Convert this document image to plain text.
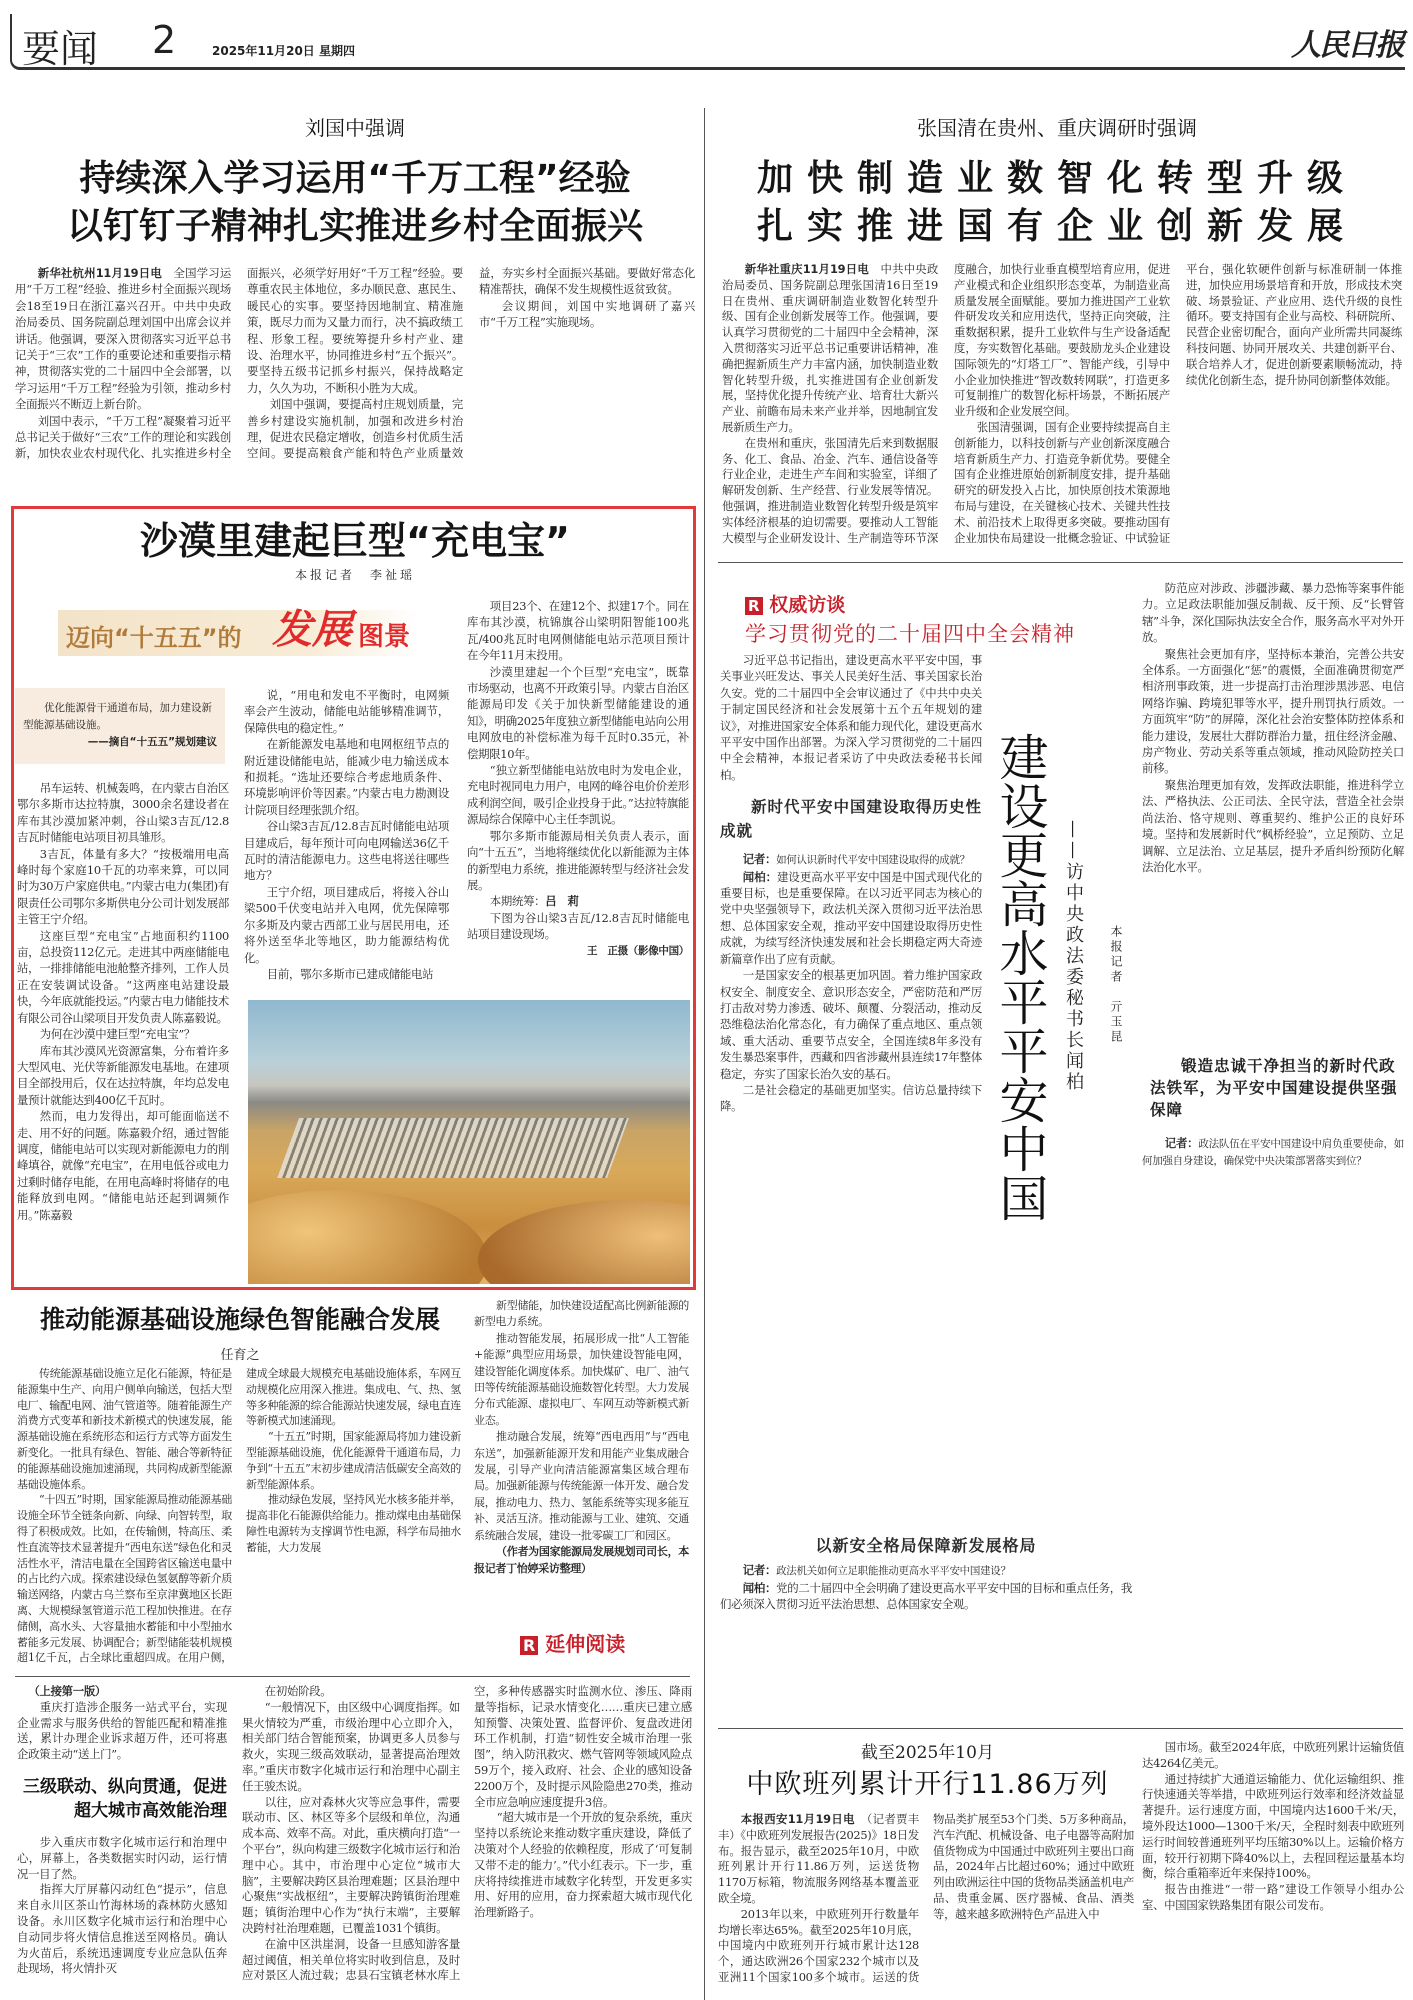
要闻 2	2025年11月20日 星期四	人民日报
刘国中强调
持续深入学习运用“千万工程”经验
以钉钉子精神扎实推进乡村全面振兴

新华社杭州11月19日电　全国学习运用“千万工程”经验、推进乡村全面振兴现场会18至19日在浙江嘉兴召开。中共中央政治局委员、国务院副总理刘国中出席会议并讲话。他强调，要深入贯彻落实习近平总书记关于“三农”工作的重要论述和重要指示精神，贯彻落实党的二十届四中全会部署，以学习运用“千万工程”经验为引领，推动乡村全面振兴不断迈上新台阶。

刘国中表示，“千万工程”凝聚着习近平总书记关于做好“三农”工作的理论和实践创新，加快农业农村现代化、扎实推进乡村全面振兴，必须学好用好“千万工程”经验。要尊重农民主体地位，多办顺民意、惠民生、暖民心的实事。要坚持因地制宜、精准施策，既尽力而为又量力而行，决不搞政绩工程、形象工程。要统筹提升乡村产业、建设、治理水平，协同推进乡村“五个振兴”。要坚持五级书记抓乡村振兴，保持战略定力，久久为功，不断积小胜为大成。

刘国中强调，要提高村庄规划质量，完善乡村建设实施机制，加强和改进乡村治理，促进农民稳定增收，创造乡村优质生活空间。要提高粮食产能和特色产业质量效益，夯实乡村全面振兴基础。要做好常态化精准帮扶，确保不发生规模性返贫致贫。

会议期间，刘国中实地调研了嘉兴市“千万工程”实施现场。

张国清在贵州、重庆调研时强调
加快制造业数智化转型升级
扎实推进国有企业创新发展

新华社重庆11月19日电　中共中央政治局委员、国务院副总理张国清16日至19日在贵州、重庆调研制造业数智化转型升级、国有企业创新发展等工作。他强调，要认真学习贯彻党的二十届四中全会精神，深入贯彻落实习近平总书记重要讲话精神，准确把握新质生产力丰富内涵，加快制造业数智化转型升级，扎实推进国有企业创新发展，坚持优化提升传统产业、培育壮大新兴产业、前瞻布局未来产业并举，因地制宜发展新质生产力。

在贵州和重庆，张国清先后来到数据服务、化工、食品、冶金、汽车、通信设备等行业企业，走进生产车间和实验室，详细了解研发创新、生产经营、行业发展等情况。他强调，推进制造业数智化转型升级是筑牢实体经济根基的迫切需要。要推动人工智能大模型与企业研发设计、生产制造等环节深度融合，加快行业垂直模型培育应用，促进产业模式和企业组织形态变革，为制造业高质量发展全面赋能。要加力推进国产工业软件研发攻关和应用迭代，坚持正向突破，注重数据积累，提升工业软件与生产设备适配度，夯实数智化基础。要鼓励龙头企业建设国际领先的“灯塔工厂”、智能产线，引导中小企业加快推进“智改数转网联”，打造更多可复制推广的数智化标杆场景，不断拓展产业升级和企业发展空间。

张国清强调，国有企业要持续提高自主创新能力，以科技创新与产业创新深度融合培育新质生产力、打造竞争新优势。要健全国有企业推进原始创新制度安排，提升基础研究的研发投入占比，加快原创技术策源地布局与建设，在关键核心技术、关键共性技术、前沿技术上取得更多突破。要推动国有企业加快布局建设一批概念验证、中试验证平台，强化软硬件创新与标准研制一体推进，加快应用场景培育和开放，形成技术突破、场景验证、产业应用、迭代升级的良性循环。要支持国有企业与高校、科研院所、民营企业密切配合，面向产业所需共同凝练科技问题、协同开展攻关、共建创新平台、联合培养人才，促进创新要素顺畅流动，持续优化创新生态，提升协同创新整体效能。

沙漠里建起巨型“充电宝”
本报记者　李祉瑶
迈向“十五五”的 发展 图景
优化能源骨干通道布局，加力建设新型能源基础设施。
——摘自“十五五”规划建议

吊车运转、机械轰鸣，在内蒙古自治区鄂尔多斯市达拉特旗，3000余名建设者在库布其沙漠加紧冲刺，谷山梁3吉瓦/12.8吉瓦时储能电站项目初具雏形。

3吉瓦，体量有多大？“按极端用电高峰时每个家庭10千瓦的功率来算，可以同时为30万户家庭供电。”内蒙古电力(集团)有限责任公司鄂尔多斯供电分公司计划发展部主管王宁介绍。

这座巨型“充电宝”占地面积约1100亩，总投资112亿元。走进其中两座储能电站，一排排储能电池舱整齐排列，工作人员正在安装调试设备。“这两座电站建设最快，今年底就能投运。”内蒙古电力储能技术有限公司谷山梁项目开发负责人陈嘉毅说。

为何在沙漠中建巨型“充电宝”？

库布其沙漠风光资源富集，分布着许多大型风电、光伏等新能源发电基地。在建项目全部投用后，仅在达拉特旗，年均总发电量预计就能达到400亿千瓦时。

然而，电力发得出，却可能面临送不走、用不好的问题。陈嘉毅介绍，通过智能调度，储能电站可以实现对新能源电力的削峰填谷，就像“充电宝”，在用电低谷或电力过剩时储存电能，在用电高峰时将储存的电能释放到电网。“储能电站还起到调频作用。”陈嘉毅

说，“用电和发电不平衡时，电网频率会产生波动，储能电站能够精准调节，保障供电的稳定性。”

在新能源发电基地和电网枢纽节点的附近建设储能电站，能减少电力输送成本和损耗。“选址还要综合考虑地质条件、环境影响评价等因素。”内蒙古电力勘测设计院项目经理张凯介绍。

谷山梁3吉瓦/12.8吉瓦时储能电站项目建成后，每年预计可向电网输送36亿千瓦时的清洁能源电力。这些电将送往哪些地方？

王宁介绍，项目建成后，将接入谷山梁500千伏变电站并入电网，优先保障鄂尔多斯及内蒙古西部工业与居民用电，还将外送至华北等地区，助力能源结构优化。

目前，鄂尔多斯市已建成储能电站

项目23个、在建12个、拟建17个。同在库布其沙漠，杭锦旗谷山梁明阳智能100兆瓦/400兆瓦时电网侧储能电站示范项目预计在今年11月末投用。

沙漠里建起一个个巨型“充电宝”，既靠市场驱动，也离不开政策引导。内蒙古自治区能源局印发《关于加快新型储能建设的通知》，明确2025年度独立新型储能电站向公用电网放电的补偿标准为每千瓦时0.35元，补偿期限10年。

“独立新型储能电站放电时为发电企业，充电时视同电力用户，电网的峰谷电价价差形成利润空间，吸引企业投身于此。”达拉特旗能源局综合保障中心主任李凯说。

鄂尔多斯市能源局相关负责人表示，面向“十五五”，当地将继续优化以新能源为主体的新型电力系统，推进能源转型与经济社会发展。

本期统筹：吕　莉

下图为谷山梁3吉瓦/12.8吉瓦时储能电站项目建设现场。

王　正摄（影像中国）

推动能源基础设施绿色智能融合发展
任育之

传统能源基础设施立足化石能源，特征是能源集中生产、向用户侧单向输送，包括大型电厂、输配电网、油气管道等。随着能源生产消费方式变革和新技术新模式的快速发展，能源基础设施在系统形态和运行方式等方面发生新变化。一批具有绿色、智能、融合等新特征的能源基础设施加速涌现，共同构成新型能源基础设施体系。

“十四五”时期，国家能源局推动能源基础设施全环节全链条向新、向绿、向智转型，取得了积极成效。比如，在传输侧，特高压、柔性直流等技术显著提升“西电东送”绿色化和灵活性水平，清洁电量在全国跨省区输送电量中的占比约六成。探索建设绿色氢氨醇等新介质输送网络，内蒙古乌兰察布至京津冀地区长距离、大规模绿氢管道示范工程加快推进。在存储侧，高水头、大容量抽水蓄能和中小型抽水蓄能多元发展、协调配合；新型储能装机规模超1亿千瓦，占全球比重超四成。在用户侧，建成全球最大规模充电基础设施体系，车网互动规模化应用深入推进。集成电、气、热、氢等多种能源的综合能源站快速发展，绿电直连等新模式加速涌现。

“十五五”时期，国家能源局将加力建设新型能源基础设施，优化能源骨干通道布局，力争到“十五五”末初步建成清洁低碳安全高效的新型能源体系。

推动绿色发展，坚持风光水核多能并举，提高非化石能源供给能力。推动煤电由基础保障性电源转为支撑调节性电源，科学布局抽水蓄能，大力发展

新型储能，加快建设适配高比例新能源的新型电力系统。

推动智能发展，拓展形成一批“人工智能+能源”典型应用场景，加快建设智能电网，建设智能化调度体系。加快煤矿、电厂、油气田等传统能源基础设施数智化转型。大力发展分布式能源、虚拟电厂、车网互动等新模式新业态。

推动融合发展，统筹“西电西用”与“西电东送”，加强新能源开发和用能产业集成融合发展，引导产业向清洁能源富集区域合理布局。加强新能源与传统能源一体开发、融合发展，推动电力、热力、氢能系统等实现多能互补、灵活互济。推动能源与工业、建筑、交通系统融合发展，建设一批零碳工厂和园区。

（作者为国家能源局发展规划司司长，本报记者丁怡婷采访整理）

R 延伸阅读
（上接第一版）

重庆打造涉企服务一站式平台，实现企业需求与服务供给的智能匹配和精准推送，累计办理企业诉求超万件，还可将惠企政策主动“送上门”。

三级联动、纵向贯通，促进超大城市高效能治理

步入重庆市数字化城市运行和治理中心，屏幕上，各类数据实时闪动，运行情况一目了然。

指挥大厅屏幕闪动红色“提示”，信息来自永川区茶山竹海林场的森林防火感知设备。永川区数字化城市运行和治理中心自动同步将火情信息推送至网格员。确认为火苗后，系统迅速调度专业应急队伍奔赴现场，将火情扑灭

在初始阶段。

“一般情况下，由区级中心调度指挥。如果火情较为严重，市级治理中心立即介入，相关部门结合智能预案，协调更多人员参与救火，实现三级高效联动，显著提高治理效率。”重庆市数字化城市运行和治理中心副主任王骏杰说。

以往，应对森林火灾等应急事件，需要联动市、区、林区等多个层级和单位，沟通成本高、效率不高。对此，重庆横向打造“一个平台”，纵向构建三级数字化城市运行和治理中心。其中，市治理中心定位“城市大脑”，主要解决跨区县治理难题；区县治理中心聚焦“实战枢纽”，主要解决跨镇街治理难题；镇街治理中心作为“执行末端”，主要解决跨村社治理难题，已覆盖1031个镇街。

在渝中区洪崖洞，设备一旦感知游客量超过阈值，相关单位将实时收到信息，及时应对景区人流过载；忠县石宝镇老林水库上空，多种传感器实时监测水位、渗压、降雨量等指标，记录水情变化……重庆已建立感知预警、决策处置、监督评价、复盘改进闭环工作机制，打造“韧性安全城市治理一张图”，纳入防汛救灾、燃气管网等领域风险点59万个，接入政府、社会、企业的感知设备2200万个，及时提示风险隐患270类，推动全市应急响应速度提升3倍。

“超大城市是一个开放的复杂系统，重庆坚持以系统论来推动数字重庆建设，降低了决策对个人经验的依赖程度，形成了‘可复制又带不走的能力’。”代小红表示。下一步，重庆将持续推进市域数字化转型，开发更多实用、好用的应用，奋力探索超大城市现代化治理新路子。

R 权威访谈
学习贯彻党的二十届四中全会精神

习近平总书记指出，建设更高水平平安中国，事关事业兴旺发达、事关人民美好生活、事关国家长治久安。党的二十届四中全会审议通过了《中共中央关于制定国民经济和社会发展第十五个五年规划的建议》，对推进国家安全体系和能力现代化，建设更高水平平安中国作出部署。为深入学习贯彻党的二十届四中全会精神，本报记者采访了中央政法委秘书长闻柏。

新时代平安中国建设取得历史性成就

记者：如何认识新时代平安中国建设取得的成就？

闻柏：建设更高水平平安中国是中国式现代化的重要目标，也是重要保障。在以习近平同志为核心的党中央坚强领导下，政法机关深入贯彻习近平法治思想、总体国家安全观，推动平安中国建设取得历史性成就，为续写经济快速发展和社会长期稳定两大奇迹新篇章作出了应有贡献。

一是国家安全的根基更加巩固。着力维护国家政权安全、制度安全、意识形态安全，严密防范和严厉打击敌对势力渗透、破坏、颠覆、分裂活动，推动反恐维稳法治化常态化，有力确保了重点地区、重点领域、重大活动、重要节点安全，全国连续8年多没有发生暴恐案事件，西藏和四省涉藏州县连续17年整体稳定，夯实了国家长治久安的基石。

二是社会稳定的基础更加坚实。信访总量持续下降。	建设更高水平平安中国 ——访中央政法委秘书长闻柏 本报记者　亓玉昆

防范应对涉政、涉疆涉藏、暴力恐怖等案事件能力。立足政法职能加强反制裁、反干预、反“长臂管辖”斗争，深化国际执法安全合作，服务高水平对外开放。

聚焦社会更加有序，坚持标本兼治，完善公共安全体系。一方面强化“惩”的震慑，全面准确贯彻宽严相济刑事政策，进一步提高打击治理涉黑涉恶、电信网络诈骗、跨境犯罪等水平，提升刑罚执行质效。一方面筑牢“防”的屏障，深化社会治安整体防控体系和能力建设，发展壮大群防群治力量，扭住经济金融、房产物业、劳动关系等重点领域，推动风险防控关口前移。

聚焦治理更加有效，发挥政法职能，推进科学立法、严格执法、公正司法、全民守法，营造全社会崇尚法治、恪守规则、尊重契约、维护公正的良好环境。坚持和发展新时代“枫桥经验”，立足预防、立足调解、立足法治、立足基层，提升矛盾纠纷预防化解法治化水平。

锻造忠诚干净担当的新时代政法铁军，为平安中国建设提供坚强保障

记者：政法队伍在平安中国建设中肩负重要使命，如何加强自身建设，确保党中央决策部署落实到位？

以新安全格局保障新发展格局

记者：政法机关如何立足职能推动更高水平平安中国建设？

闻柏：党的二十届四中全会明确了建设更高水平平安中国的目标和重点任务，我们必须深入贯彻习近平法治思想、总体国家安全观。

截至2025年10月
中欧班列累计开行11.86万列

本报西安11月19日电　（记者贾丰丰）《中欧班列发展报告(2025)》18日发布。报告显示，截至2025年10月，中欧班列累计开行11.86万列，运送货物1170万标箱，物流服务网络基本覆盖亚欧全境。

2013年以来，中欧班列开行数量年均增长率达65%。截至2025年10月底，中国境内中欧班列开行城市累计达128个，通达欧洲26个国家232个城市以及亚洲11个国家100多个城市。运送的货物品类扩展至53个门类、5万多种商品，汽车汽配、机械设备、电子电器等高附加值货物成为中国通过中欧班列主要出口商品，2024年占比超过60%；通过中欧班列由欧洲运往中国的货物品类涵盖机电产品、贵重金属、医疗器械、食品、酒类等，越来越多欧洲特色产品进入中

国市场。截至2024年底，中欧班列累计运输货值达4264亿美元。

通过持续扩大通道运输能力、优化运输组织、推行快速通关等举措，中欧班列运行效率和经济效益显著提升。运行速度方面，中国境内达1600千米/天，境外段达1000—1300千米/天，全程时刻表中欧班列运行时间较普通班列平均压缩30%以上。运输价格方面，较开行初期下降40%以上，去程回程运量基本均衡，综合重箱率近年来保持100%。

报告由推进“一带一路”建设工作领导小组办公室、中国国家铁路集团有限公司发布。
